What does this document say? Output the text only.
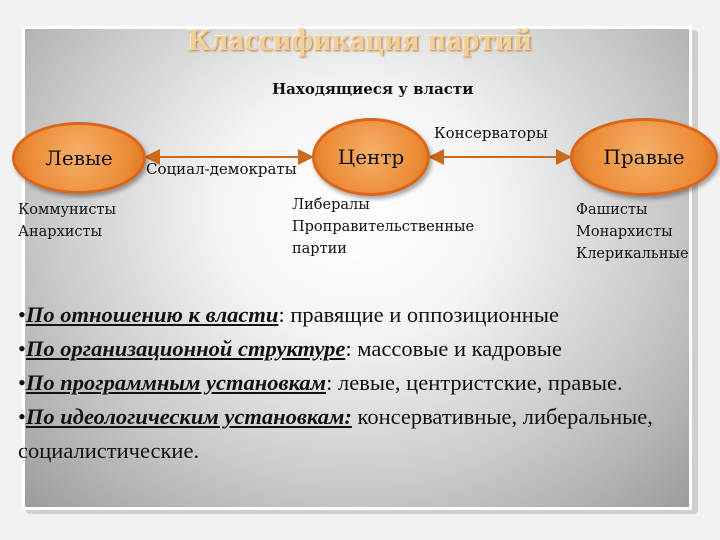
Классификация партий
Находящиеся у власти
Левые	Центр	Правые
Социал-демократы
Консерваторы
Коммунисты
Анархисты
Либералы
Проправительственные
партии
Фашисты
Монархисты
Клерикальные

•По отношению к власти: правящие и оппозиционные

•По организационной структуре: массовые и кадровые

•По программным установкам: левые, центристские, правые.

•По идеологическим установкам: консервативные, либеральные, социалистические.
